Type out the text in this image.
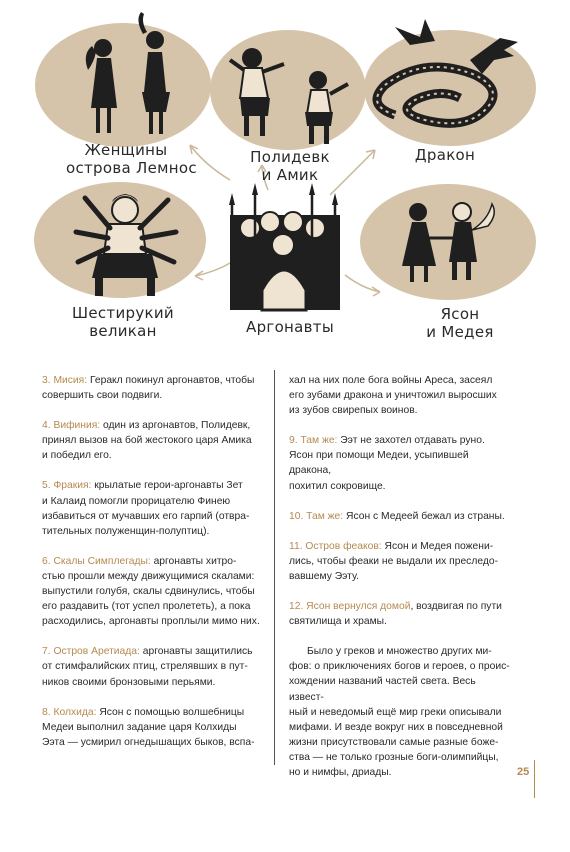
Женщины
острова Лемнос
Полидевк
и Амик
Дракон
Шестирукий
великан	Аргонавты
Ясон
и Медея
3. Мисия: Геракл покинул аргонавтов, чтобы
совершить свои подвиги.
4. Вифиния: один из аргонавтов, Полидевк,
принял вызов на бой жестокого царя Амика
и победил его.
5. Фракия: крылатые герои-аргонавты Зет
и Калаид помогли прорицателю Финею
избавиться от мучавших его гарпий (отвра-
тительных полуженщин-полуптиц).
6. Скалы Симплегады: аргонавты хитро-
стью прошли между движущимися скалами:
выпустили голубя, скалы сдвинулись, чтобы
его раздавить (тот успел пролететь), а пока
расходились, аргонавты проплыли мимо них.
7. Остров Аретиада: аргонавты защитились
от стимфалийских птиц, стрелявших в пут-
ников своими бронзовыми перьями.
8. Колхида: Ясон с помощью волшебницы
Медеи выполнил задание царя Колхиды
Ээта — усмирил огнедышащих быков, вспа-
хал на них поле бога войны Ареса, засеял
его зубами дракона и уничтожил выросших
из зубов свирепых воинов.
9. Там же: Ээт не захотел отдавать руно.
Ясон при помощи Медеи, усыпившей дракона,
похитил сокровище.
10. Там же: Ясон с Медеей бежал из страны.
11. Остров феаков: Ясон и Медея пожени-
лись, чтобы феаки не выдали их преследо-
вавшему Ээту.
12. Ясон вернулся домой, воздвигая по пути
святилища и храмы.

Было у греков и множество других ми-
фов: о приключениях богов и героев, о проис-
хождении названий частей света. Весь извест-
ный и неведомый ещё мир греки описывали
мифами. И везде вокруг них в повседневной
жизни присутствовали самые разные боже-
ства — не только грозные боги-олимпийцы,
но и нимфы, дриады.	25
